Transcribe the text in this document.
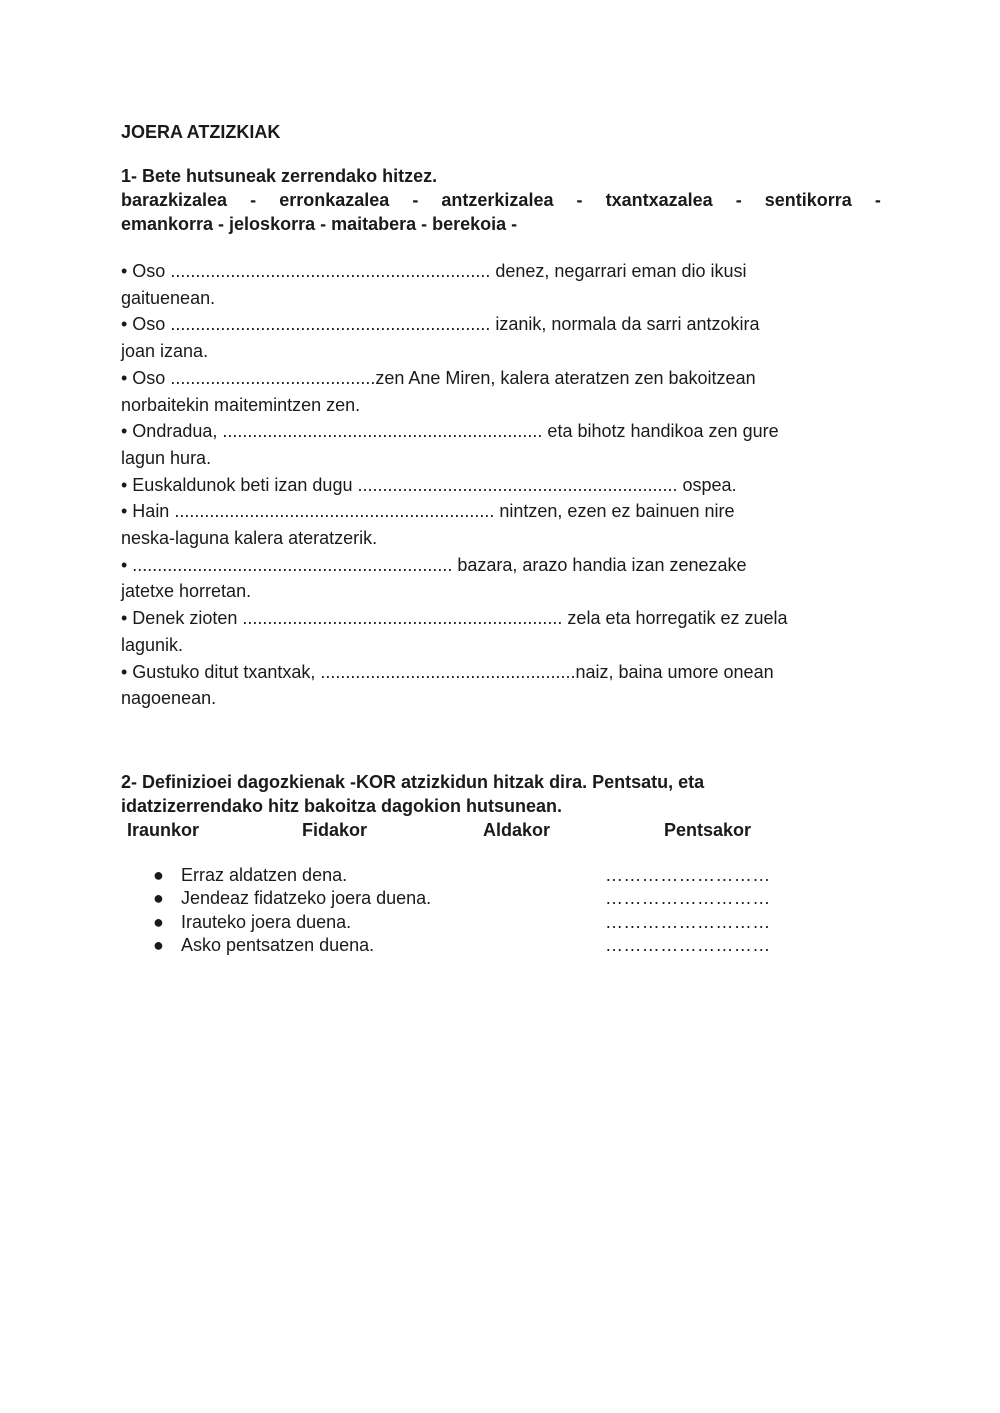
JOERA ATZIZKIAK
1- Bete hutsuneak zerrendako hitzez.
barazkizalea - erronkazalea - antzerkizalea - txantxazalea - sentikorra -
emankorra - jeloskorra - maitabera - berekoia -

• Oso ................................................................ denez, negarrari eman dio ikusi

gaituenean.

• Oso ................................................................ izanik, normala da sarri antzokira

joan izana.

• Oso .........................................zen Ane Miren, kalera ateratzen zen bakoitzean

norbaitekin maitemintzen zen.

• Ondradua, ................................................................ eta bihotz handikoa zen gure

lagun hura.

• Euskaldunok beti izan dugu ................................................................ ospea.

• Hain ................................................................ nintzen, ezen ez bainuen nire

neska-laguna kalera ateratzerik.

• ................................................................ bazara, arazo handia izan zenezake

jatetxe horretan.

• Denek zioten ................................................................ zela eta horregatik ez zuela

lagunik.

• Gustuko ditut txantxak, ...................................................naiz, baina umore onean

nagoenean.

2- Definizioei dagozkienak -KOR atzizkidun hitzak dira. Pentsatu, eta
idatzizerrendako hitz bakoitza dagokion hutsunean.
Iraunkor	Fidakor	Aldakor	Pentsakor
● Erraz aldatzen dena.	………………………
● Jendeaz fidatzeko joera duena.	………………………
● Irauteko joera duena.	………………………
● Asko pentsatzen duena.	………………………
